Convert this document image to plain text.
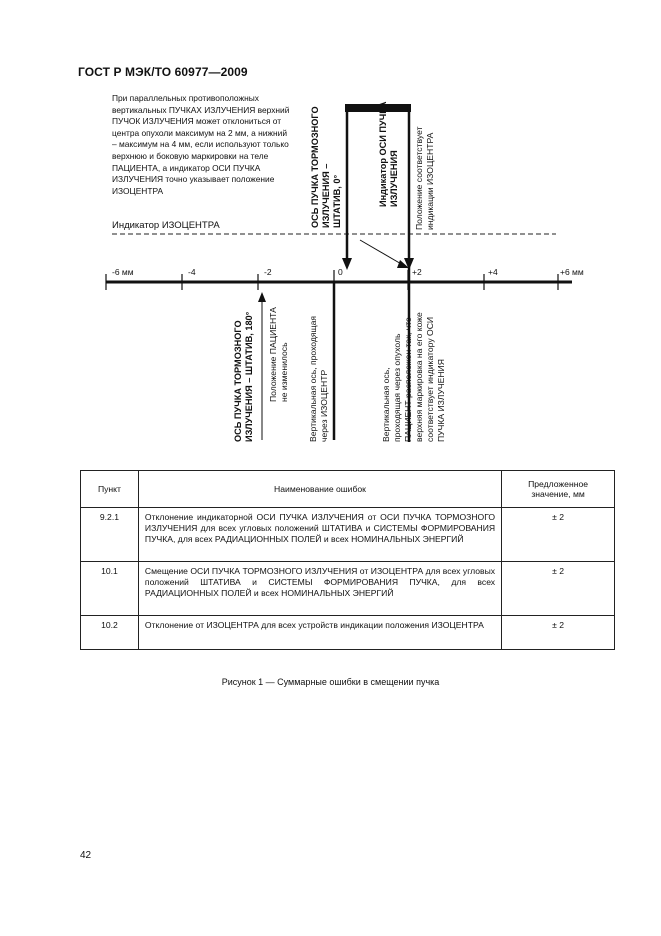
ГОСТ Р МЭК/ТО 60977—2009
При параллельных противоположных вертикальных ПУЧКАХ ИЗЛУЧЕНИЯ верхний ПУЧОК ИЗЛУЧЕНИЯ может отклониться от центра опухоли максимум на 2 мм, а нижний – максимум на 4 мм, если используют только верхнюю и боковую маркировки на теле ПАЦИЕНТА, а индикатор ОСИ ПУЧКА ИЗЛУЧЕНИЯ точно указывает положение ИЗОЦЕНТРА
Индикатор ИЗОЦЕНТРА
-6 мм	-4	-2	0	+2	+4	+6 мм
ОСЬ ПУЧКА ТОРМОЗНОГО
ИЗЛУЧЕНИЯ –
ШТАТИВ, 0°	Индикатор ОСИ ПУЧКА
ИЗЛУЧЕНИЯ
Положение соответствует
индикации ИЗОЦЕНТРА
ОСЬ ПУЧКА ТОРМОЗНОГО
ИЗЛУЧЕНИЯ – ШТАТИВ, 180°
Положение ПАЦИЕНТА
не изменилось
Вертикальная ось, проходящая
через ИЗОЦЕНТР	Вертикальная ось,
проходящая через опухоль
ПАЦИЕНТ расположен так, что
верхняя маркировка на его коже
соответствует индикатору ОСИ
ПУЧКА ИЗЛУЧЕНИЯ
Пункт	Наименование ошибок	Предложенное значение, мм
9.2.1	Отклонение индикаторной ОСИ ПУЧКА ИЗЛУЧЕНИЯ от ОСИ ПУЧКА ТОРМОЗНОГО ИЗЛУЧЕНИЯ для всех угловых положений ШТАТИВА и СИСТЕМЫ ФОРМИРОВАНИЯ ПУЧКА, для всех РАДИАЦИОННЫХ ПОЛЕЙ и всех НОМИНАЛЬНЫХ ЭНЕРГИЙ	± 2
10.1	Смещение ОСИ ПУЧКА ТОРМОЗНОГО ИЗЛУЧЕНИЯ от ИЗОЦЕНТРА для всех угловых положений ШТАТИВА и СИСТЕМЫ ФОРМИРОВАНИЯ ПУЧКА, для всех РАДИАЦИОННЫХ ПОЛЕЙ и всех НОМИНАЛЬНЫХ ЭНЕРГИЙ	± 2
10.2	Отклонение от ИЗОЦЕНТРА для всех устройств индикации положения ИЗОЦЕНТРА	± 2
Рисунок 1 — Суммарные ошибки в смещении пучка
42
